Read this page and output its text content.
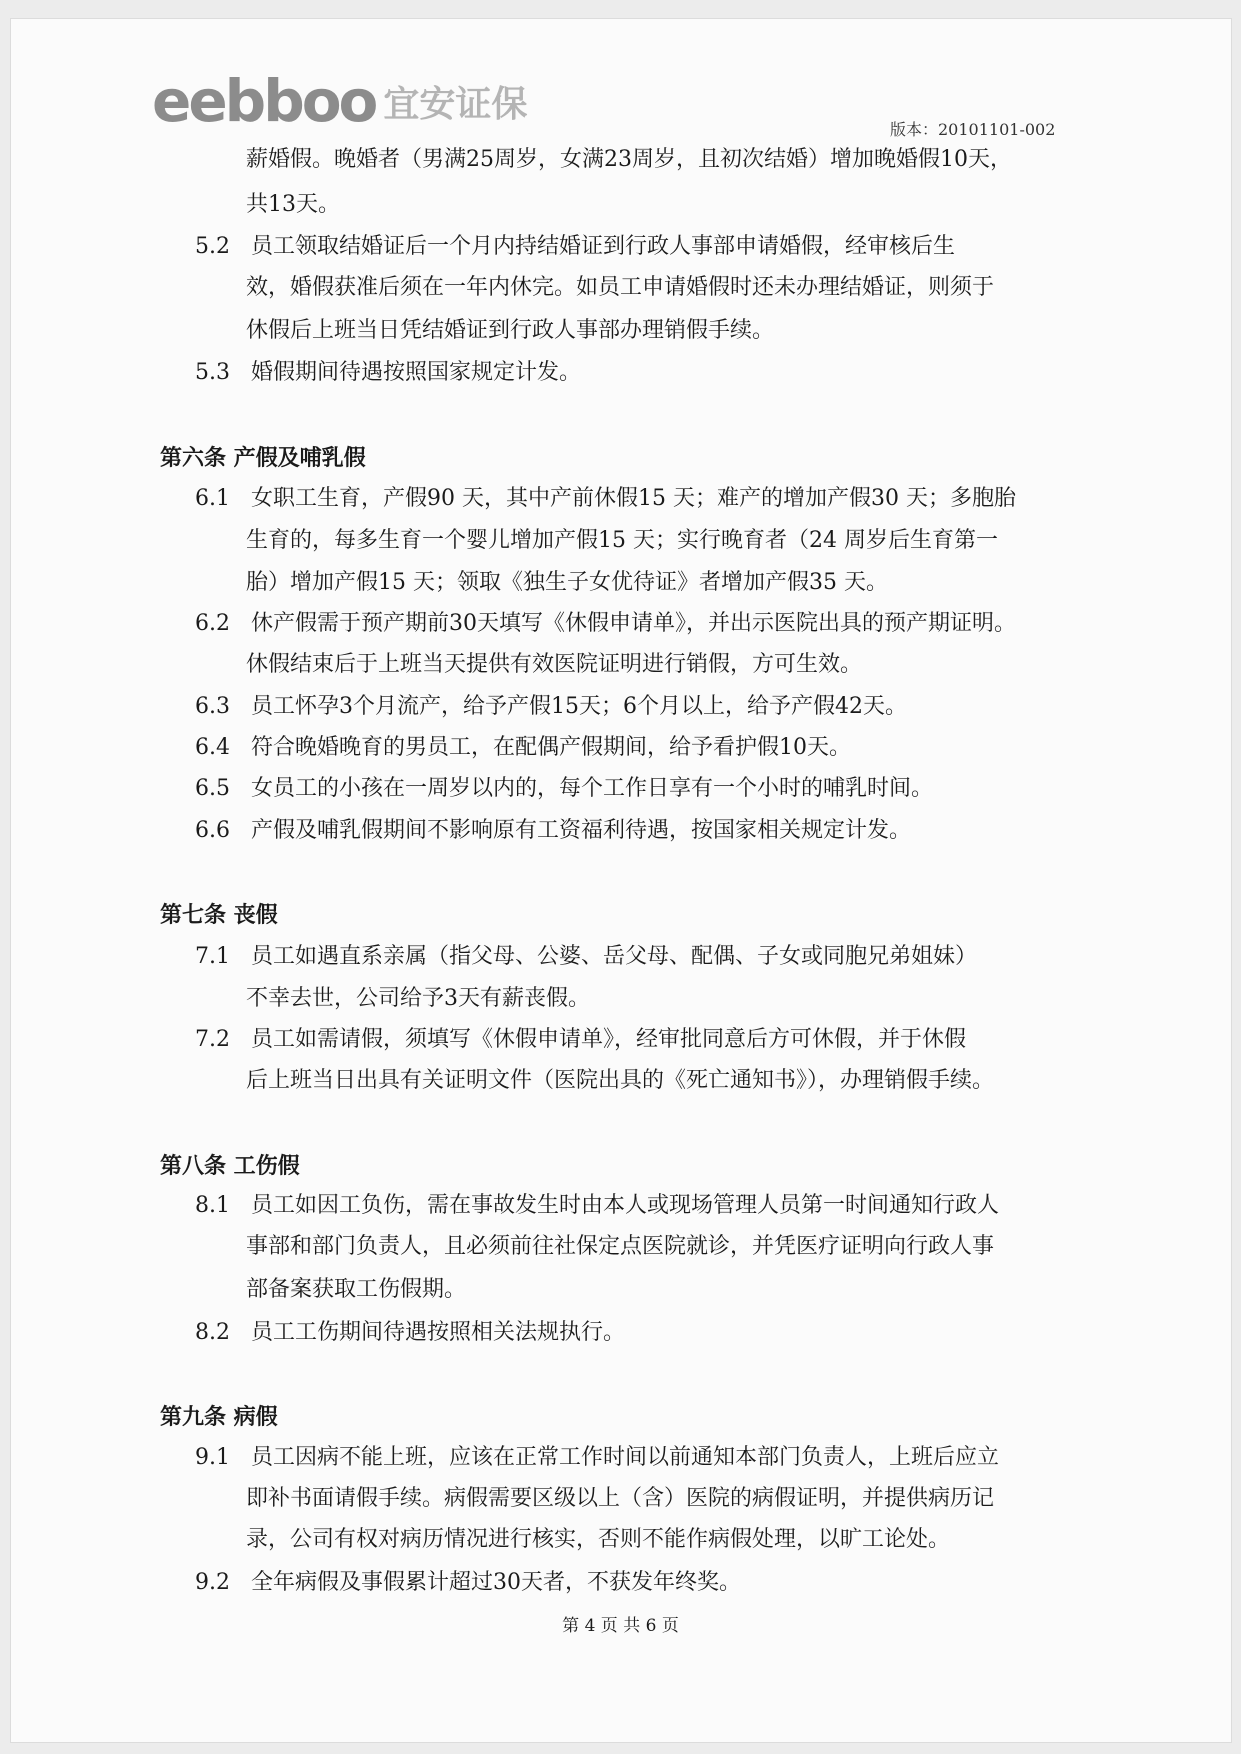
eebboo 宜安证保
版本：20101101-002
薪婚假。晚婚者（男满25周岁，女满23周岁，且初次结婚）增加晚婚假10天，
共13天。
5.2 员工领取结婚证后一个月内持结婚证到行政人事部申请婚假，经审核后生
效，婚假获准后须在一年内休完。如员工申请婚假时还未办理结婚证，则须于
休假后上班当日凭结婚证到行政人事部办理销假手续。
5.3 婚假期间待遇按照国家规定计发。
第六条 产假及哺乳假
6.1 女职工生育，产假90 天，其中产前休假15 天；难产的增加产假30 天；多胞胎
生育的，每多生育一个婴儿增加产假15 天；实行晚育者（24 周岁后生育第一
胎）增加产假15 天；领取《独生子女优待证》者增加产假35 天。
6.2 休产假需于预产期前30天填写《休假申请单》，并出示医院出具的预产期证明。
休假结束后于上班当天提供有效医院证明进行销假，方可生效。
6.3 员工怀孕3个月流产，给予产假15天；6个月以上，给予产假42天。
6.4 符合晚婚晚育的男员工，在配偶产假期间，给予看护假10天。
6.5 女员工的小孩在一周岁以内的，每个工作日享有一个小时的哺乳时间。
6.6 产假及哺乳假期间不影响原有工资福利待遇，按国家相关规定计发。
第七条 丧假
7.1 员工如遇直系亲属（指父母、公婆、岳父母、配偶、子女或同胞兄弟姐妹）
不幸去世，公司给予3天有薪丧假。
7.2 员工如需请假，须填写《休假申请单》，经审批同意后方可休假，并于休假
后上班当日出具有关证明文件（医院出具的《死亡通知书》），办理销假手续。
第八条 工伤假
8.1 员工如因工负伤，需在事故发生时由本人或现场管理人员第一时间通知行政人
事部和部门负责人，且必须前往社保定点医院就诊，并凭医疗证明向行政人事
部备案获取工伤假期。
8.2 员工工伤期间待遇按照相关法规执行。
第九条 病假
9.1 员工因病不能上班，应该在正常工作时间以前通知本部门负责人，上班后应立
即补书面请假手续。病假需要区级以上（含）医院的病假证明，并提供病历记
录，公司有权对病历情况进行核实，否则不能作病假处理，以旷工论处。
9.2 全年病假及事假累计超过30天者，不获发年终奖。
第 4 页 共 6 页
